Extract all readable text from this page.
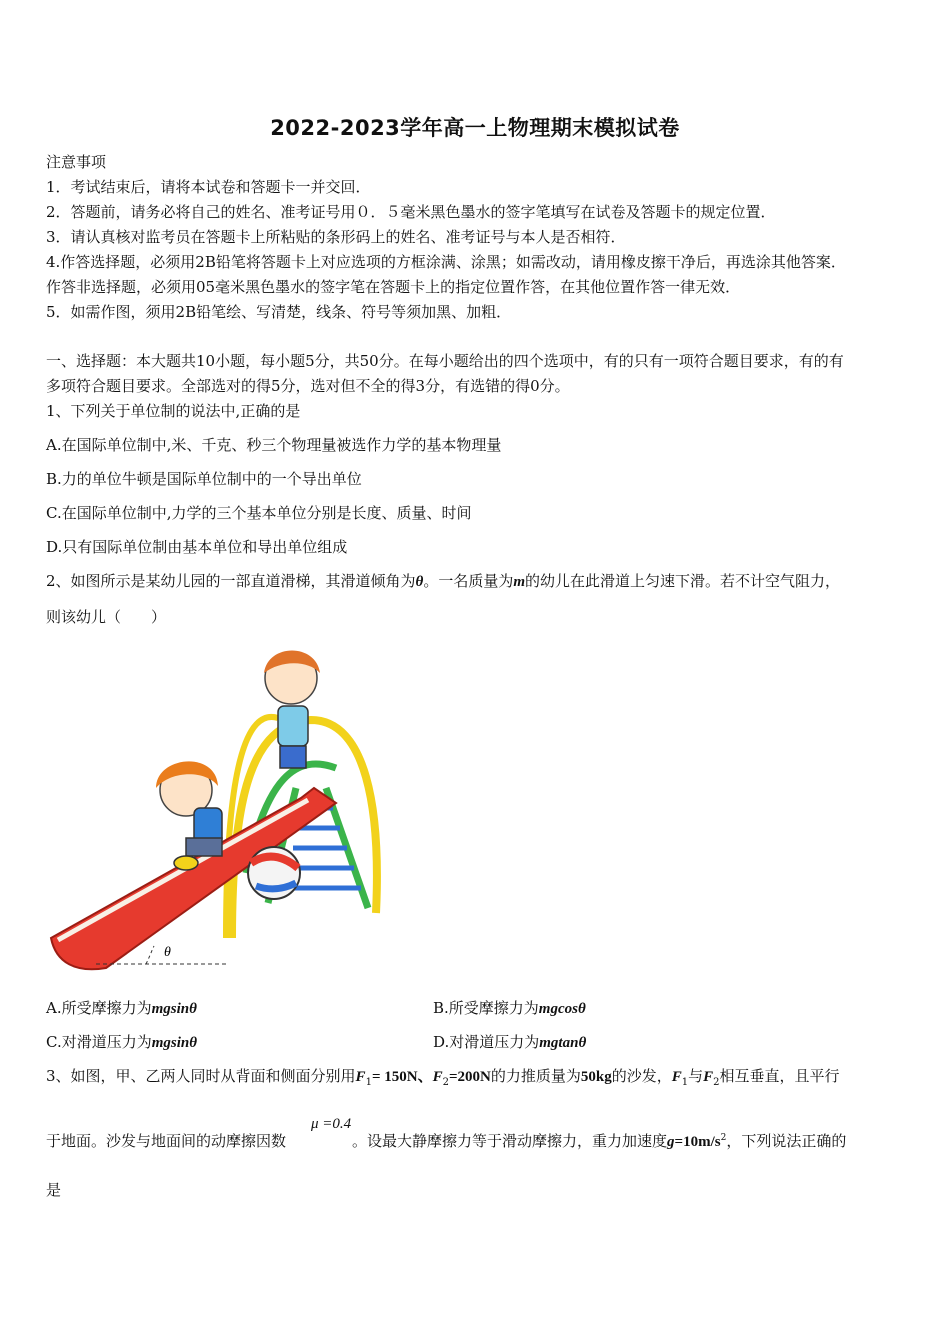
2022-2023学年高一上物理期末模拟试卷
注意事项
1．考试结束后，请将本试卷和答题卡一并交回．
2．答题前，请务必将自己的姓名、准考证号用０．５毫米黑色墨水的签字笔填写在试卷及答题卡的规定位置．
3．请认真核对监考员在答题卡上所粘贴的条形码上的姓名、准考证号与本人是否相符．
4.作答选择题，必须用2B铅笔将答题卡上对应选项的方框涂满、涂黑；如需改动，请用橡皮擦干净后，再选涂其他答案．
作答非选择题，必须用05毫米黑色墨水的签字笔在答题卡上的指定位置作答，在其他位置作答一律无效．
5．如需作图，须用2B铅笔绘、写清楚，线条、符号等须加黑、加粗．
一、选择题：本大题共10小题，每小题5分，共50分。在每小题给出的四个选项中，有的只有一项符合题目要求，有的有
多项符合题目要求。全部选对的得5分，选对但不全的得3分，有选错的得0分。
1、下列关于单位制的说法中,正确的是
A.在国际单位制中,米、千克、秒三个物理量被选作力学的基本物理量
B.力的单位牛顿是国际单位制中的一个导出单位
C.在国际单位制中,力学的三个基本单位分别是长度、质量、时间
D.只有国际单位制由基本单位和导出单位组成
2、如图所示是某幼儿园的一部直道滑梯，其滑道倾角为θ。一名质量为m的幼儿在此滑道上匀速下滑。若不计空气阻力，
则该幼儿（　　）
θ
A.所受摩擦力为mgsinθ	B.所受摩擦力为mgcosθ
C.对滑道压力为mgsinθ	D.对滑道压力为mgtanθ
3、如图，甲、乙两人同时从背面和侧面分别用$F_1= 150N$、$F_2=200N$的力推质量为50kg的沙发，$F_1$与$F_2$相互垂直，且平行
μ =0.4
于地面。沙发与地面间的动摩擦因数	。设最大静摩擦力等于滑动摩擦力，重力加速度$g=10m/s^2$，下列说法正确的
是
